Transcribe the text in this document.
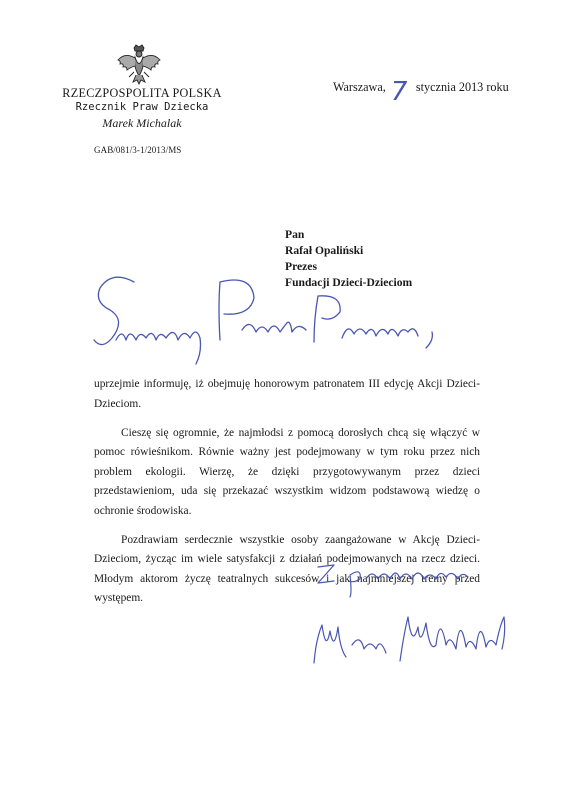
RZECZPOSPOLITA POLSKA
Rzecznik Praw Dziecka
Marek Michalak
GAB/081/3-1/2013/MS
Warszawa, 7 stycznia 2013 roku
Pan
Rafał Opaliński
Prezes
Fundacji Dzieci-Dzieciom

uprzejmie informuję, iż obejmuję honorowym patronatem III edycję Akcji Dzieci-Dzieciom.

Cieszę się ogromnie, że najmłodsi z pomocą dorosłych chcą się włączyć w pomoc rówieśnikom. Równie ważny jest podejmowany w tym roku przez nich problem ekologii. Wierzę, że dzięki przygotowywanym przez dzieci przedstawieniom, uda się przekazać wszystkim widzom podstawową wiedzę o ochronie środowiska.

Pozdrawiam serdecznie wszystkie osoby zaangażowane w Akcję Dzieci-Dzieciom, życząc im wiele satysfakcji z działań podejmowanych na rzecz dzieci. Młodym aktorom życzę teatralnych sukcesów i jak najmniejszej tremy przed występem.
